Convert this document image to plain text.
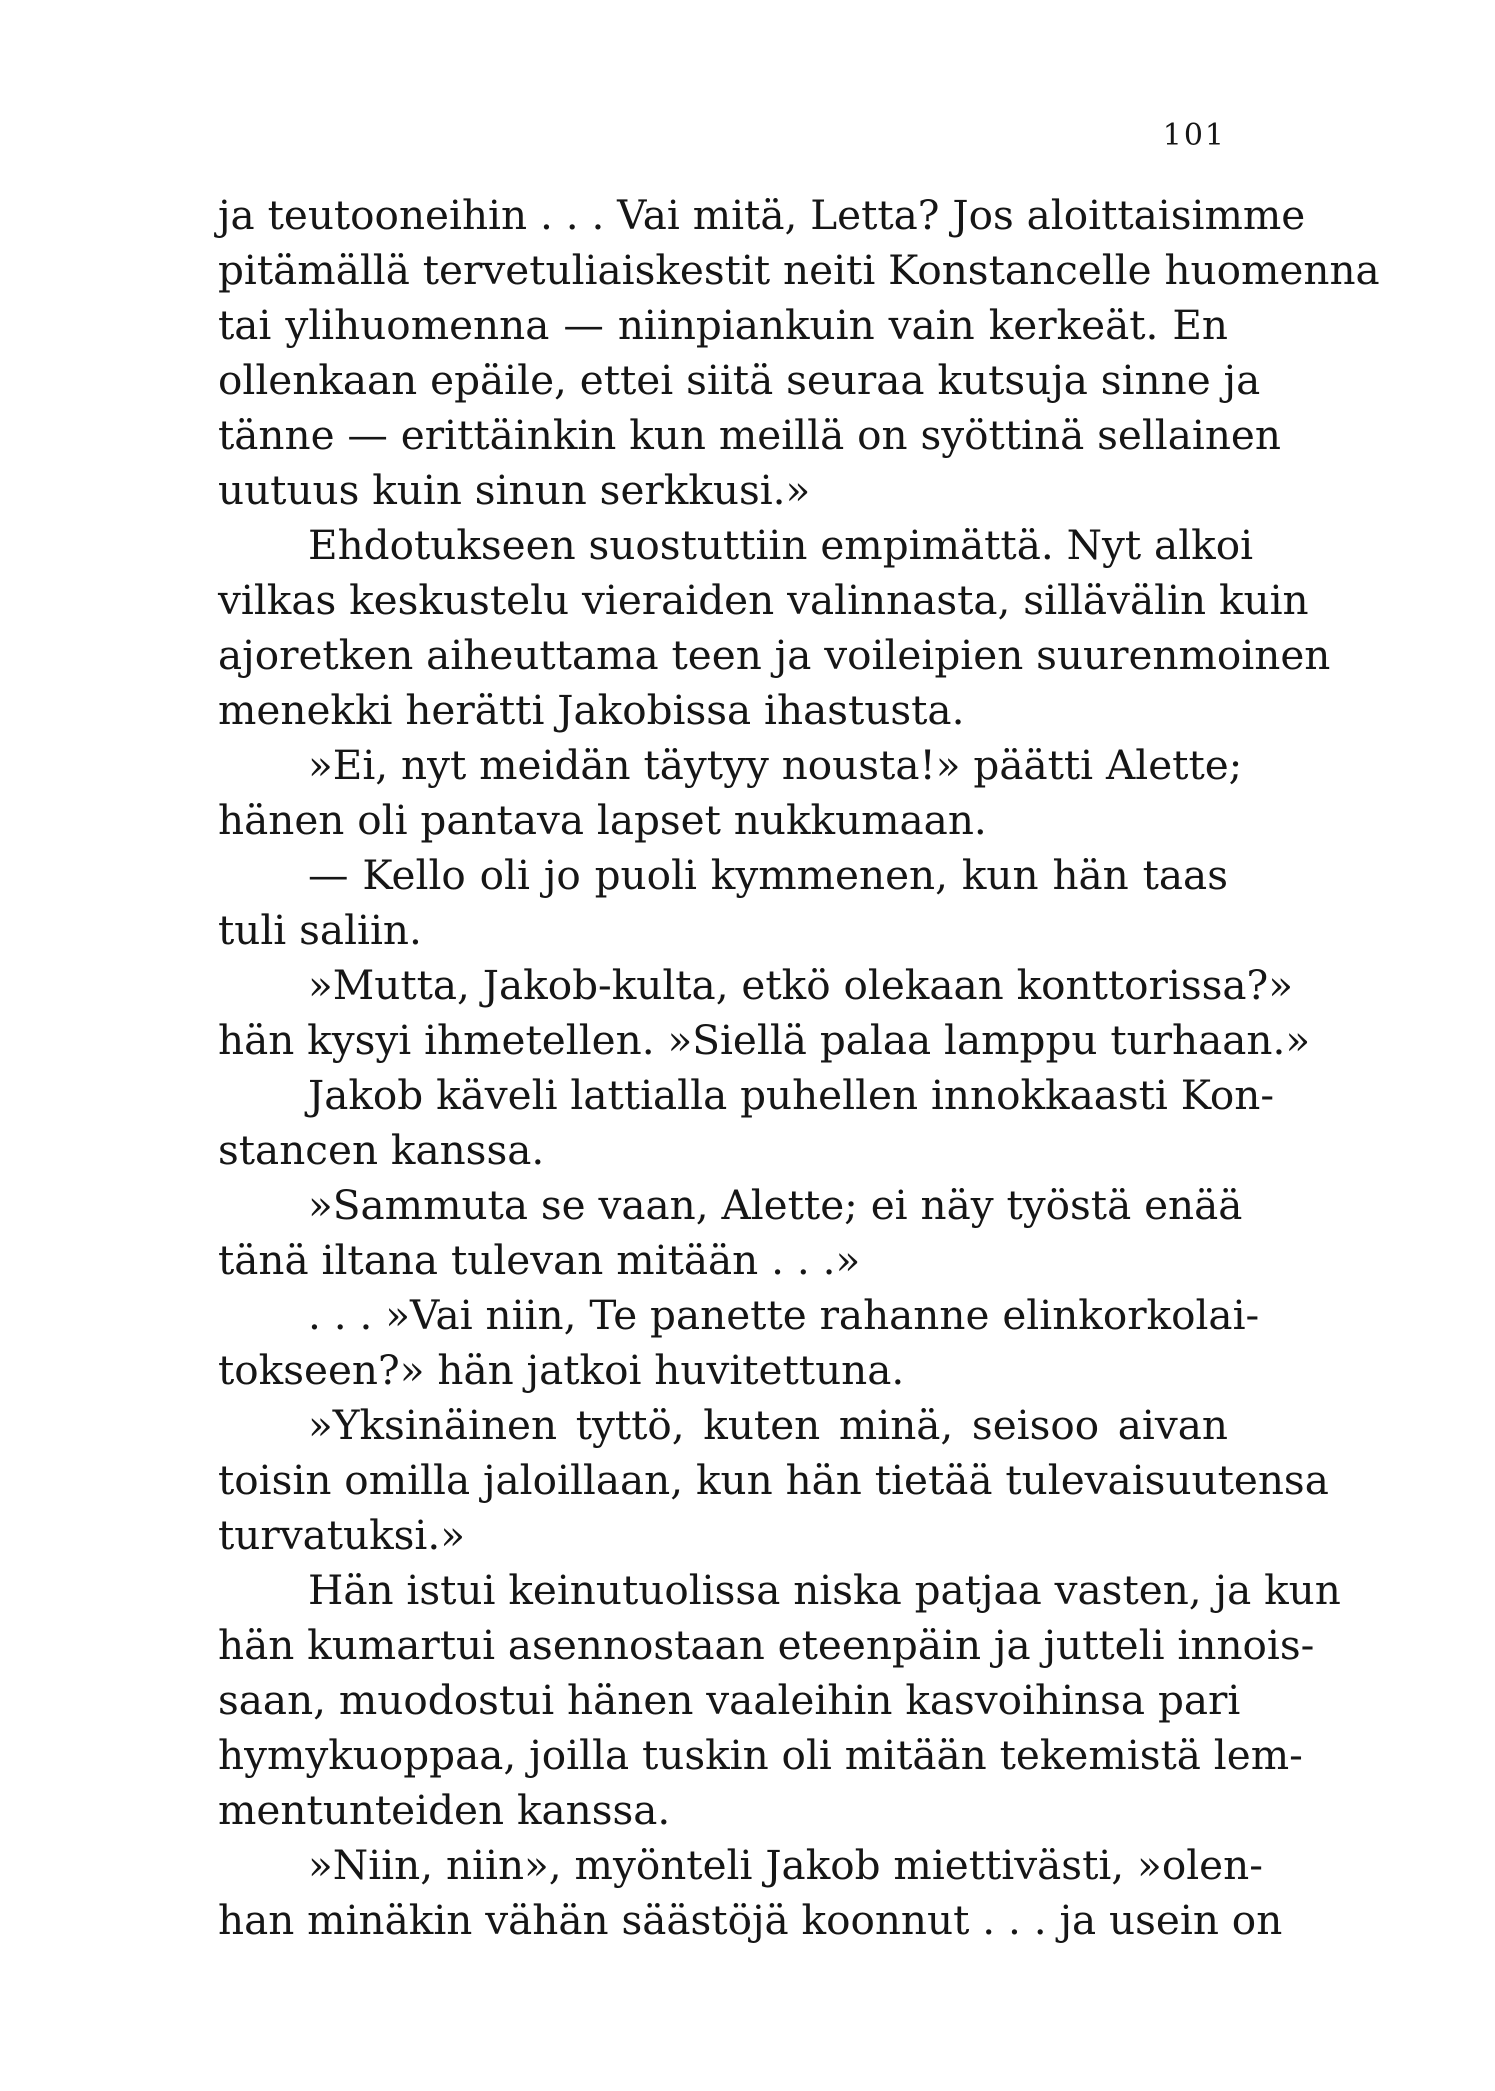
101
ja teutooneihin . . . Vai mitä, Letta? Jos aloittaisimme
pitämällä tervetuliaiskestit neiti Konstancelle huomenna
tai ylihuomenna — niinpiankuin vain kerkeät. En
ollenkaan epäile, ettei siitä seuraa kutsuja sinne ja
tänne — erittäinkin kun meillä on syöttinä sellainen
uutuus kuin sinun serkkusi.»
Ehdotukseen suostuttiin empimättä. Nyt alkoi
vilkas keskustelu vieraiden valinnasta, sillävälin kuin
ajoretken aiheuttama teen ja voileipien suurenmoinen
menekki herätti Jakobissa ihastusta.
»Ei, nyt meidän täytyy nousta!» päätti Alette;
hänen oli pantava lapset nukkumaan.
— Kello oli jo puoli kymmenen, kun hän taas
tuli saliin.
»Mutta, Jakob-kulta, etkö olekaan konttorissa?»
hän kysyi ihmetellen. »Siellä palaa lamppu turhaan.»
Jakob käveli lattialla puhellen innokkaasti Kon-
stancen kanssa.
»Sammuta se vaan, Alette; ei näy työstä enää
tänä iltana tulevan mitään . . .»
. . . »Vai niin, Te panette rahanne elinkorkolai-
tokseen?» hän jatkoi huvitettuna.
»Yksinäinen tyttö, kuten minä, seisoo aivan
toisin omilla jaloillaan, kun hän tietää tulevaisuutensa
turvatuksi.»
Hän istui keinutuolissa niska patjaa vasten, ja kun
hän kumartui asennostaan eteenpäin ja jutteli innois-
saan, muodostui hänen vaaleihin kasvoihinsa pari
hymykuoppaa, joilla tuskin oli mitään tekemistä lem-
mentunteiden kanssa.
»Niin, niin», myönteli Jakob miettivästi, »olen-
han minäkin vähän säästöjä koonnut . . . ja usein on
